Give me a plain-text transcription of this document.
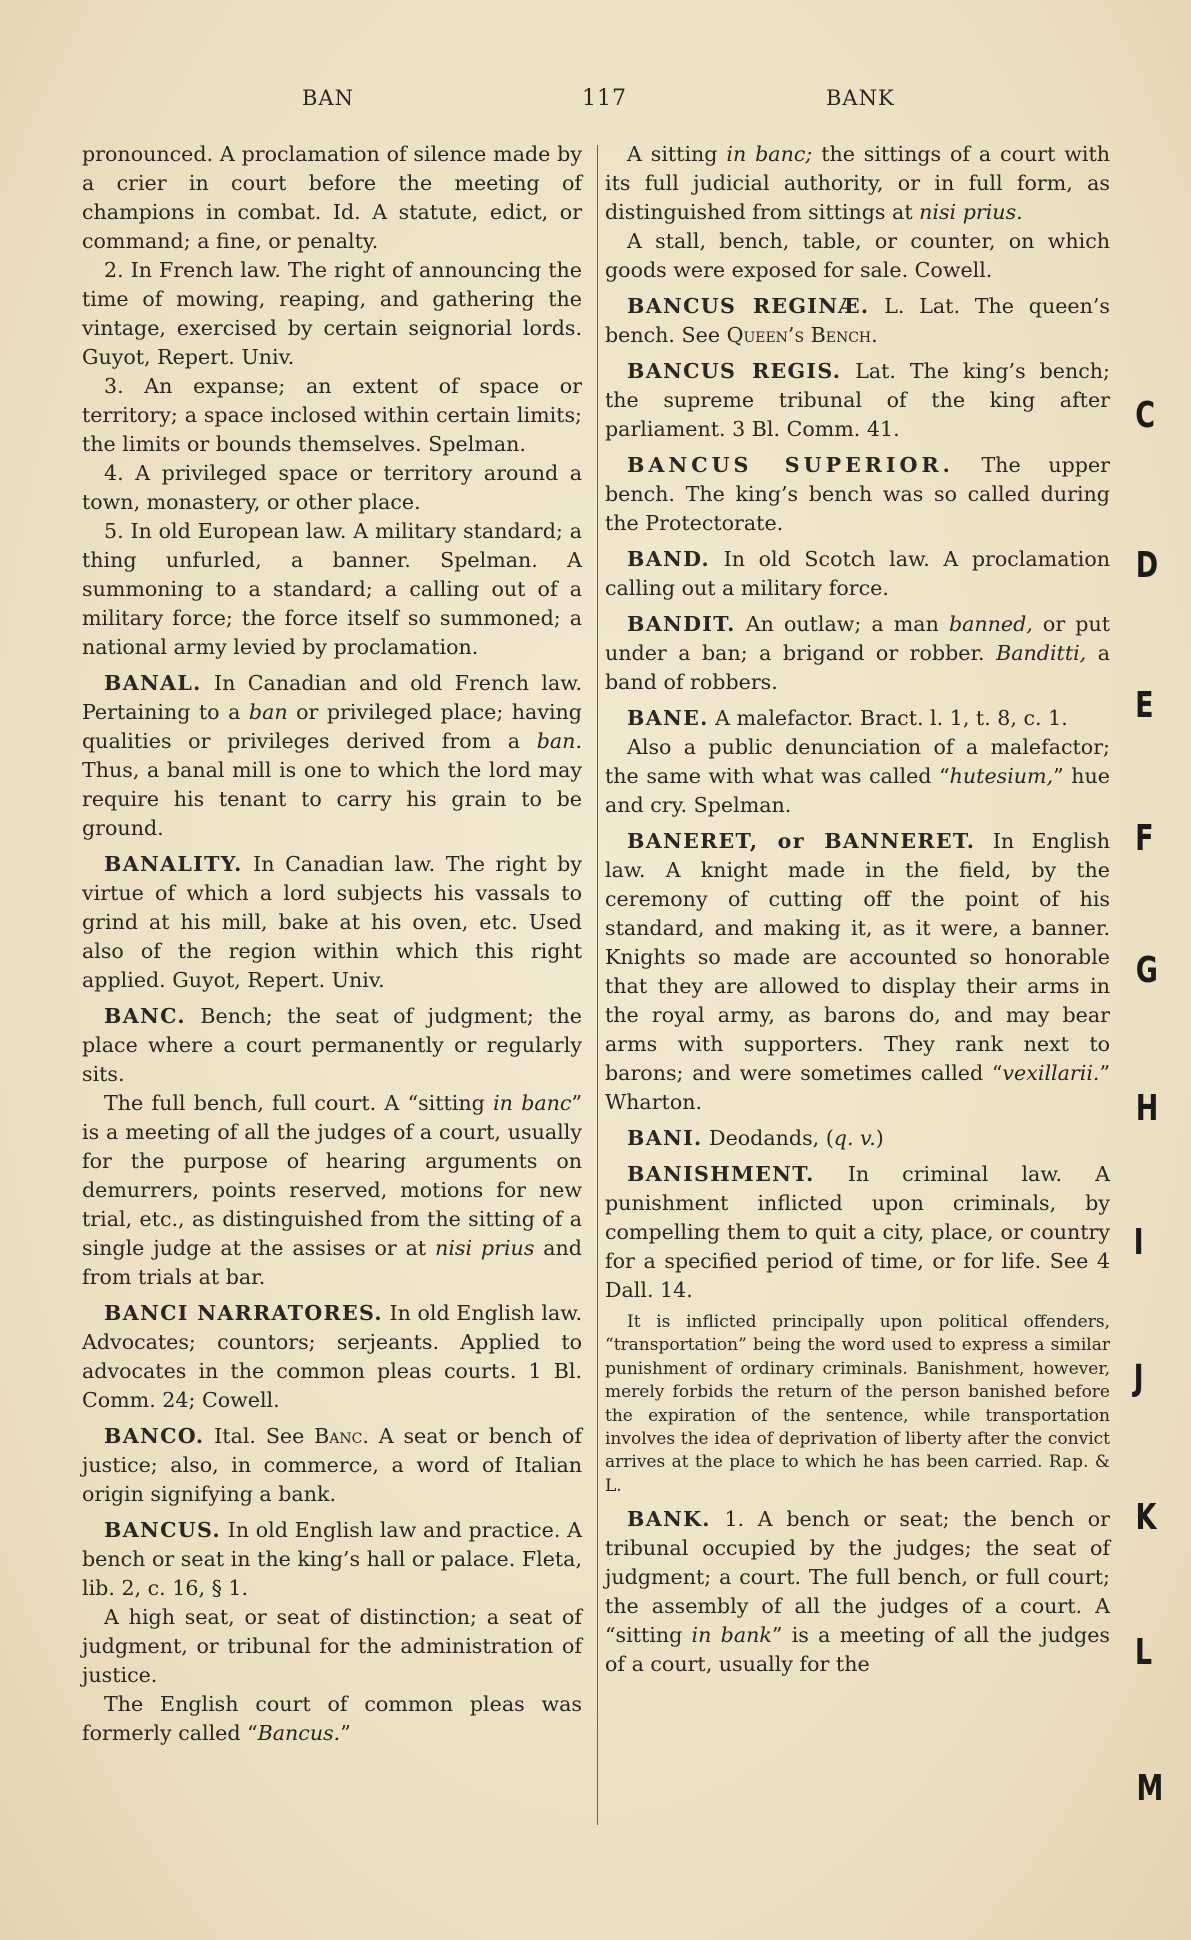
BAN	117	BANK

pronounced. A proclamation of silence made by a crier in court before the meeting of champions in combat. Id. A statute, edict, or command; a fine, or penalty.

2. In French law. The right of announcing the time of mowing, reaping, and gathering the vintage, exercised by certain seignorial lords. Guyot, Repert. Univ.

3. An expanse; an extent of space or territory; a space inclosed within certain limits; the limits or bounds themselves. Spelman.

4. A privileged space or territory around a town, monastery, or other place.

5. In old European law. A military standard; a thing unfurled, a banner. Spelman. A summoning to a standard; a calling out of a military force; the force itself so summoned; a national army levied by proclamation.

BANAL. In Canadian and old French law. Pertaining to a ban or privileged place; having qualities or privileges derived from a ban. Thus, a banal mill is one to which the lord may require his tenant to carry his grain to be ground.

BANALITY. In Canadian law. The right by virtue of which a lord subjects his vassals to grind at his mill, bake at his oven, etc. Used also of the region within which this right applied. Guyot, Repert. Univ.

BANC. Bench; the seat of judgment; the place where a court permanently or regularly sits.

The full bench, full court. A “sitting in banc” is a meeting of all the judges of a court, usually for the purpose of hearing arguments on demurrers, points reserved, motions for new trial, etc., as distinguished from the sitting of a single judge at the assises or at nisi prius and from trials at bar.

BANCI NARRATORES. In old English law. Advocates; countors; serjeants. Applied to advocates in the common pleas courts. 1 Bl. Comm. 24; Cowell.

BANCO. Ital. See Banc. A seat or bench of justice; also, in commerce, a word of Italian origin signifying a bank.

BANCUS. In old English law and practice. A bench or seat in the king’s hall or palace. Fleta, lib. 2, c. 16, § 1.

A high seat, or seat of distinction; a seat of judgment, or tribunal for the administration of justice.

The English court of common pleas was formerly called “Bancus.”

A sitting in banc; the sittings of a court with its full judicial authority, or in full form, as distinguished from sittings at nisi prius.

A stall, bench, table, or counter, on which goods were exposed for sale. Cowell.

BANCUS REGINÆ. L. Lat. The queen’s bench. See Queen’s Bench.

BANCUS REGIS. Lat. The king’s bench; the supreme tribunal of the king after parliament. 3 Bl. Comm. 41.

BANCUS SUPERIOR. The upper bench. The king’s bench was so called during the Protectorate.

BAND. In old Scotch law. A proclamation calling out a military force.

BANDIT. An outlaw; a man banned, or put under a ban; a brigand or robber. Banditti, a band of robbers.

BANE. A malefactor. Bract. l. 1, t. 8, c. 1.

Also a public denunciation of a malefactor; the same with what was called “hutesium,” hue and cry. Spelman.

BANERET, or BANNERET. In English law. A knight made in the field, by the ceremony of cutting off the point of his standard, and making it, as it were, a banner. Knights so made are accounted so honorable that they are allowed to display their arms in the royal army, as barons do, and may bear arms with supporters. They rank next to barons; and were sometimes called “vexillarii.” Wharton.

BANI. Deodands, (q. v.)

BANISHMENT. In criminal law. A punishment inflicted upon criminals, by compelling them to quit a city, place, or country for a specified period of time, or for life. See 4 Dall. 14.

It is inflicted principally upon political offenders, “transportation” being the word used to express a similar punishment of ordinary criminals. Banishment, however, merely forbids the return of the person banished before the expiration of the sentence, while transportation involves the idea of deprivation of liberty after the convict arrives at the place to which he has been carried. Rap. & L.

BANK. 1. A bench or seat; the bench or tribunal occupied by the judges; the seat of judgment; a court. The full bench, or full court; the assembly of all the judges of a court. A “sitting in bank” is a meeting of all the judges of a court, usually for the

C
D
E
F
G
H
I
J
K
L
M
